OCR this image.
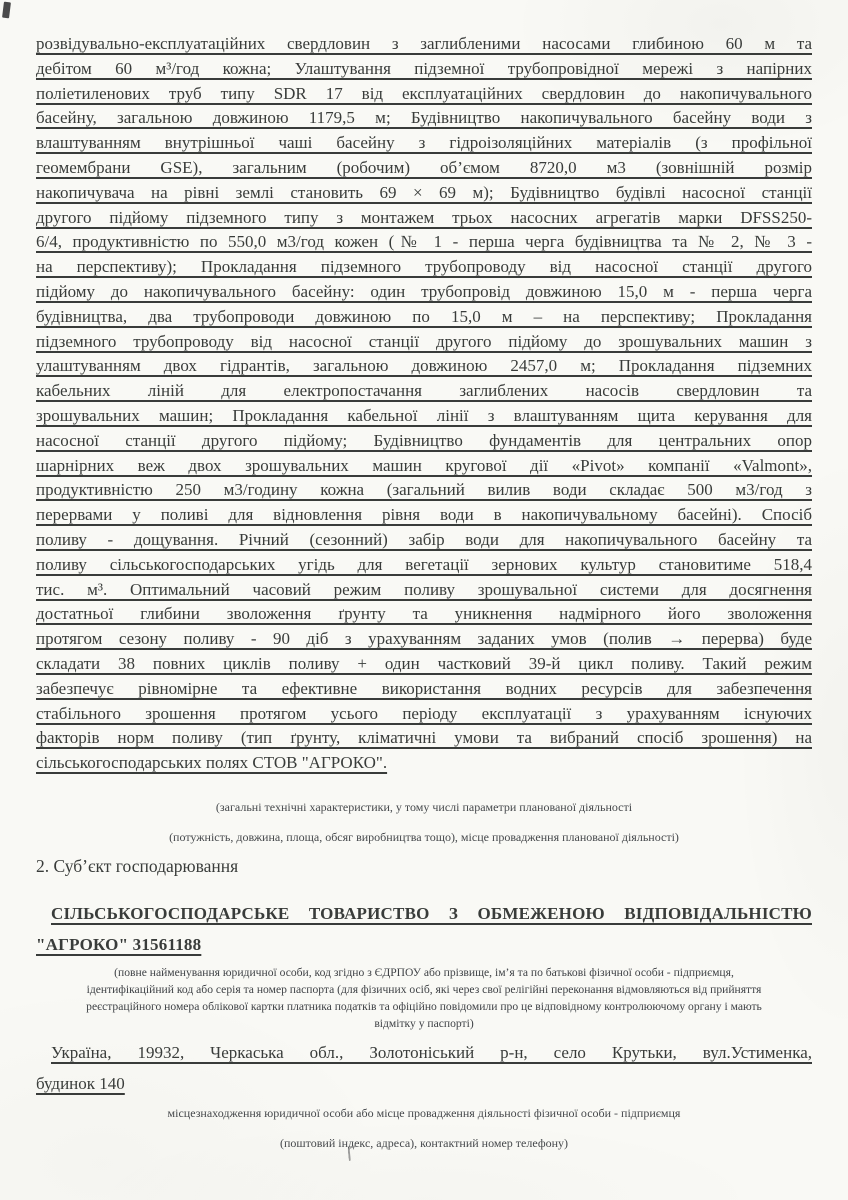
розвідувально-експлуатаційних свердловин з заглибленими насосами глибиною 60 м та
дебітом 60 м³/год кожна; Улаштування підземної трубопровідної мережі з напірних
поліетиленових труб типу SDR 17 від експлуатаційних свердловин до накопичувального
басейну, загальною довжиною 1179,5 м; Будівництво накопичувального басейну води з
влаштуванням внутрішньої чаші басейну з гідроізоляційних матеріалів (з профільної
геомембрани GSE), загальним (робочим) об’ємом 8720,0 м3 (зовнішній розмір
накопичувача на рівні землі становить 69 × 69 м); Будівництво будівлі насосної станції
другого підйому підземного типу з монтажем трьох насосних агрегатів марки DFSS250-
6/4, продуктивністю по 550,0 м3/год кожен (№ 1 - перша черга будівництва та № 2, № 3 -
на перспективу); Прокладання підземного трубопроводу від насосної станції другого
підйому до накопичувального басейну: один трубопровід довжиною 15,0 м - перша черга
будівництва, два трубопроводи довжиною по 15,0 м – на перспективу; Прокладання
підземного трубопроводу від насосної станції другого підйому до зрошувальних машин з
улаштуванням двох гідрантів, загальною довжиною 2457,0 м; Прокладання підземних
кабельних ліній для електропостачання заглиблених насосів свердловин та
зрошувальних машин; Прокладання кабельної лінії з влаштуванням щита керування для
насосної станції другого підйому; Будівництво фундаментів для центральних опор
шарнірних веж двох зрошувальних машин кругової дії «Pivot» компанії «Valmont»,
продуктивністю 250 м3/годину кожна (загальний вилив води складає 500 м3/год з
перервами у поливі для відновлення рівня води в накопичувальному басейні). Спосіб
поливу - дощування. Річний (сезонний) забір води для накопичувального басейну та
поливу сільськогосподарських угідь для вегетації зернових культур становитиме 518,4
тис. м³. Оптимальний часовий режим поливу зрошувальної системи для досягнення
достатньої глибини зволоження ґрунту та уникнення надмірного його зволоження
протягом сезону поливу - 90 діб з урахуванням заданих умов (полив → перерва) буде
складати 38 повних циклів поливу + один частковий 39-й цикл поливу. Такий режим
забезпечує рівномірне та ефективне використання водних ресурсів для забезпечення
стабільного зрошення протягом усього періоду експлуатації з урахуванням існуючих
факторів норм поливу (тип ґрунту, кліматичні умови та вибраний спосіб зрошення) на
сільськогосподарських полях СТОВ "АГРОКО".
(загальні технічні характеристики, у тому числі параметри планованої діяльності
(потужність, довжина, площа, обсяг виробництва тощо), місце провадження планованої діяльності)
2. Суб’єкт господарювання
СІЛЬСЬКОГОСПОДАРСЬКЕ ТОВАРИСТВО З ОБМЕЖЕНОЮ ВІДПОВІДАЛЬНІСТЮ
"АГРОКО" 31561188
(повне найменування юридичної особи, код згідно з ЄДРПОУ або прізвище, ім’я та по батькові фізичної особи - підприємця,
ідентифікаційний код або серія та номер паспорта (для фізичних осіб, які через свої релігійні переконання відмовляються від прийняття
реєстраційного номера облікової картки платника податків та офіційно повідомили про це відповідному контролюючому органу і мають
відмітку у паспорті)
Україна, 19932, Черкаська обл., Золотоніський р-н, село Крутьки, вул.Устименка,
будинок 140
місцезнаходження юридичної особи або місце провадження діяльності фізичної особи - підприємця
(поштовий індекс, адреса), контактний номер телефону)
